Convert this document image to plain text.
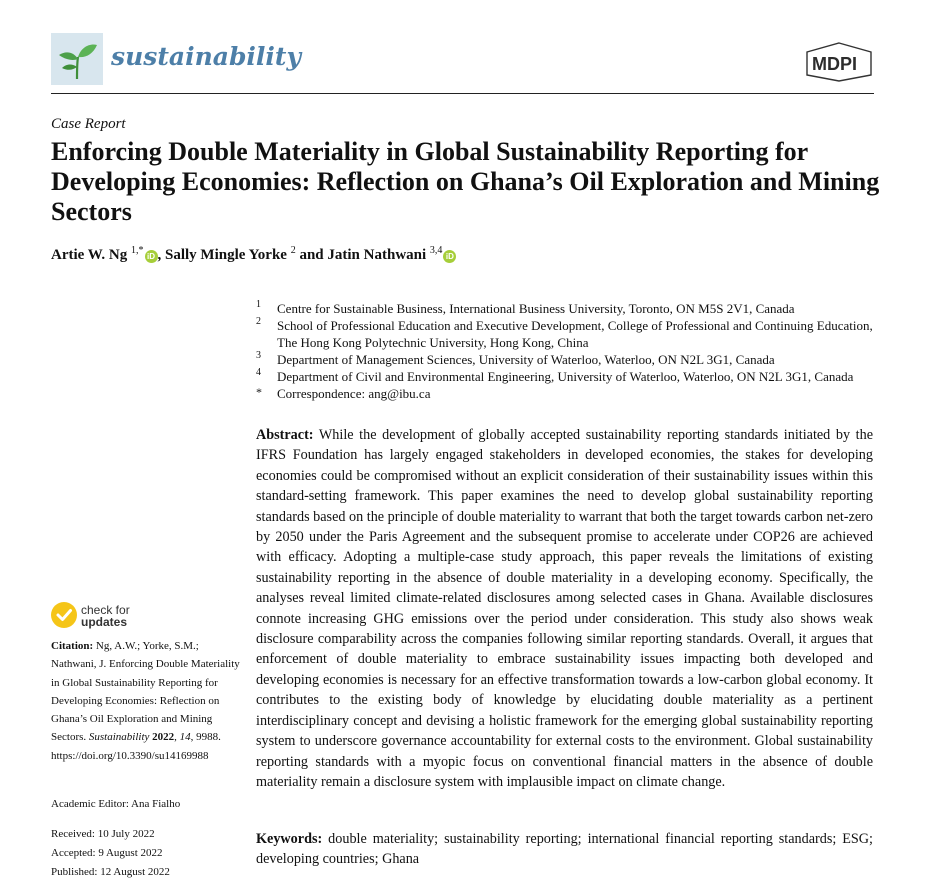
sustainability	MDPI
Case Report
Enforcing Double Materiality in Global Sustainability Reporting for Developing Economies: Reflection on Ghana’s Oil Exploration and Mining Sectors
Artie W. Ng $^{1,*}$iD , Sally Mingle Yorke $^2$ and Jatin Nathwani $^{3,4}$iD
1 Centre for Sustainable Business, International Business University, Toronto, ON M5S 2V1, Canada
2 School of Professional Education and Executive Development, College of Professional and Continuing Education, The Hong Kong Polytechnic University, Hong Kong, China
3 Department of Management Sciences, University of Waterloo, Waterloo, ON N2L 3G1, Canada
4 Department of Civil and Environmental Engineering, University of Waterloo, Waterloo, ON N2L 3G1, Canada
* Correspondence: ang@ibu.ca
Abstract: While the development of globally accepted sustainability reporting standards initiated by the IFRS Foundation has largely engaged stakeholders in developed economies, the stakes for developing economies could be compromised without an explicit consideration of their sustainability issues within this standard-setting framework. This paper examines the need to develop global sustainability reporting standards based on the principle of double materiality to warrant that both the target towards carbon net-zero by 2050 under the Paris Agreement and the subsequent promise to accelerate under COP26 are achieved with efficacy. Adopting a multiple-case study approach, this paper reveals the limitations of existing sustainability reporting in the absence of double materiality in a developing economy. Specifically, the analyses reveal limited climate-related disclosures among selected cases in Ghana. Available disclosures connote increasing GHG emissions over the period under consideration. This study also shows weak disclosure comparability across the companies following similar reporting standards. Overall, it argues that enforcement of double materiality to embrace sustainability issues impacting both developed and developing economies is necessary for an effective transformation towards a low-carbon global economy. It contributes to the existing body of knowledge by elucidating double materiality as a pertinent interdisciplinary concept and devising a holistic framework for the emerging global sustainability reporting system to underscore governance accountability for external costs to the environment. Global sustainability reporting standards with a myopic focus on conventional financial matters in the absence of double materiality remain a disclosure system with implausible impact on climate change.
Keywords: double materiality; sustainability reporting; international financial reporting standards; ESG; developing countries; Ghana
check for
updates
Citation: Ng, A.W.; Yorke, S.M.; Nathwani, J. Enforcing Double Materiality in Global Sustainability Reporting for Developing Economies: Reflection on Ghana’s Oil Exploration and Mining Sectors. Sustainability 2022, 14, 9988. https://doi.org/10.3390/su14169988
Academic Editor: Ana Fialho
Received: 10 July 2022
Accepted: 9 August 2022
Published: 12 August 2022
